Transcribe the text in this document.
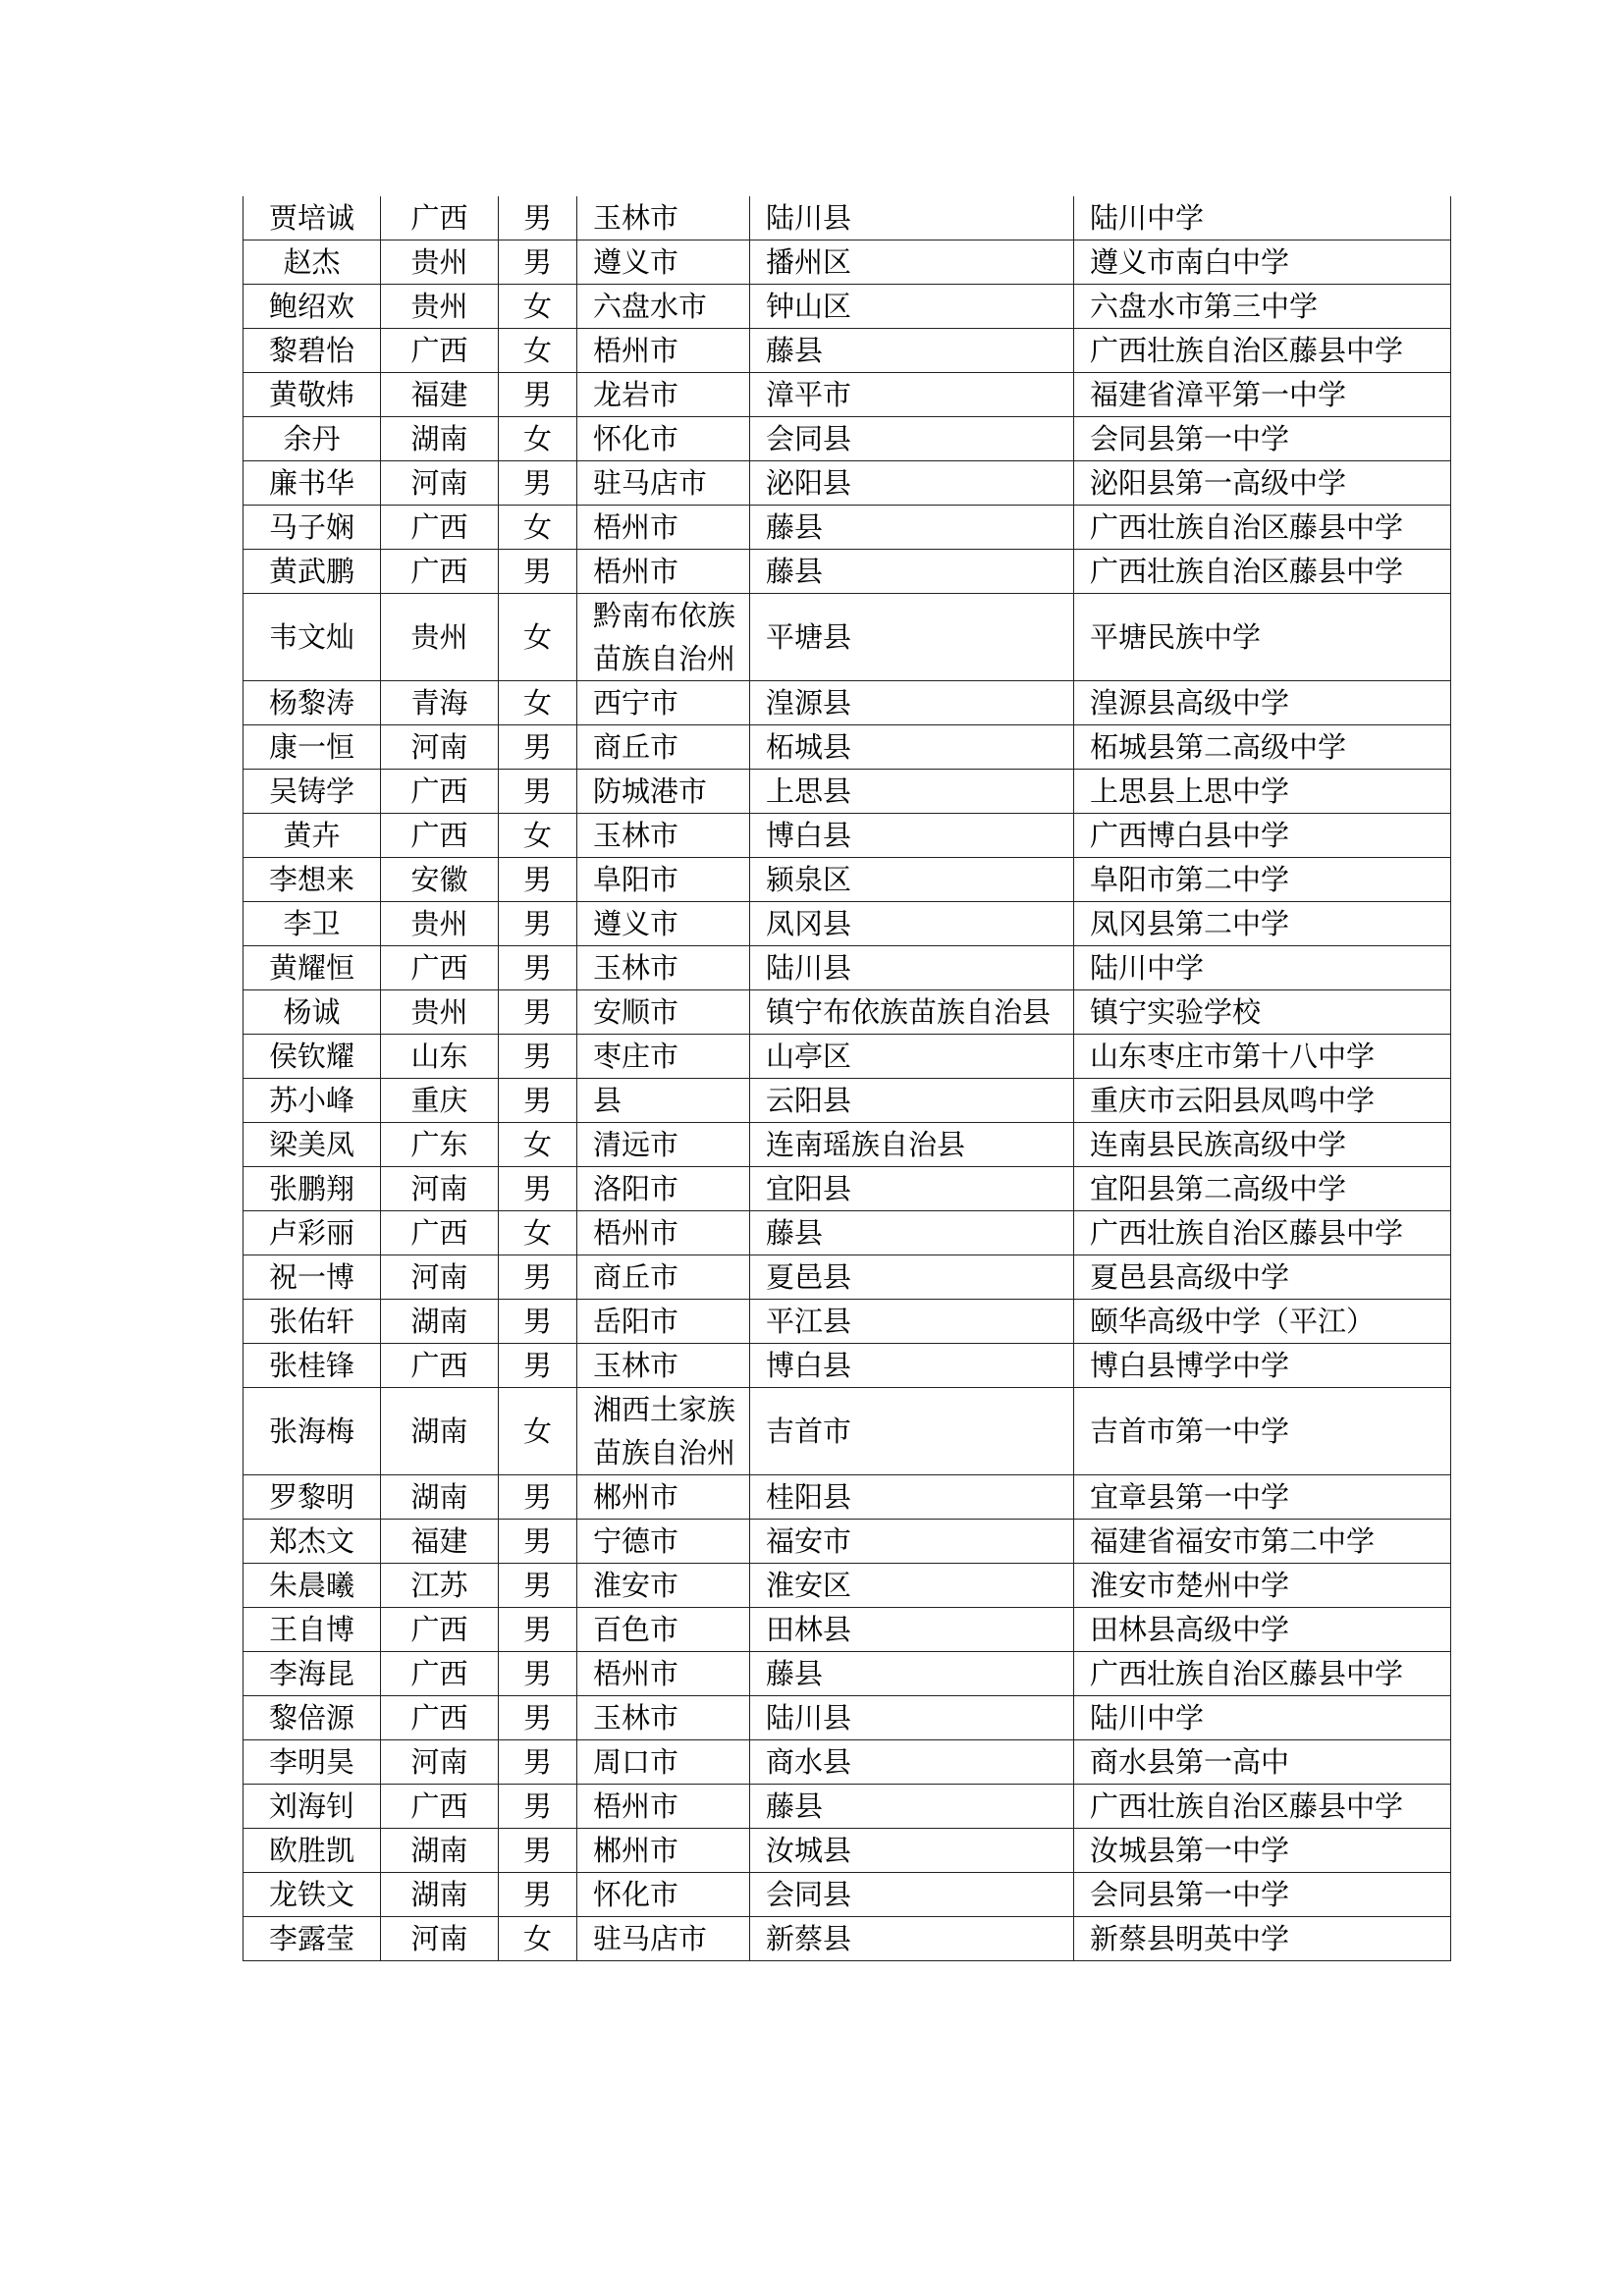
贾培诚	广西	男	玉林市	陆川县	陆川中学
赵杰	贵州	男	遵义市	播州区	遵义市南白中学
鲍绍欢	贵州	女	六盘水市	钟山区	六盘水市第三中学
黎碧怡	广西	女	梧州市	藤县	广西壮族自治区藤县中学
黄敬炜	福建	男	龙岩市	漳平市	福建省漳平第一中学
余丹	湖南	女	怀化市	会同县	会同县第一中学
廉书华	河南	男	驻马店市	泌阳县	泌阳县第一高级中学
马子娴	广西	女	梧州市	藤县	广西壮族自治区藤县中学
黄武鹏	广西	男	梧州市	藤县	广西壮族自治区藤县中学
韦文灿	贵州	女	黔南布依族苗族自治州	平塘县	平塘民族中学
杨黎涛	青海	女	西宁市	湟源县	湟源县高级中学
康一恒	河南	男	商丘市	柘城县	柘城县第二高级中学
吴铸学	广西	男	防城港市	上思县	上思县上思中学
黄卉	广西	女	玉林市	博白县	广西博白县中学
李想来	安徽	男	阜阳市	颍泉区	阜阳市第二中学
李卫	贵州	男	遵义市	凤冈县	凤冈县第二中学
黄耀恒	广西	男	玉林市	陆川县	陆川中学
杨诚	贵州	男	安顺市	镇宁布依族苗族自治县	镇宁实验学校
侯钦耀	山东	男	枣庄市	山亭区	山东枣庄市第十八中学
苏小峰	重庆	男	县	云阳县	重庆市云阳县凤鸣中学
梁美凤	广东	女	清远市	连南瑶族自治县	连南县民族高级中学
张鹏翔	河南	男	洛阳市	宜阳县	宜阳县第二高级中学
卢彩丽	广西	女	梧州市	藤县	广西壮族自治区藤县中学
祝一博	河南	男	商丘市	夏邑县	夏邑县高级中学
张佑轩	湖南	男	岳阳市	平江县	颐华高级中学（平江）
张桂锋	广西	男	玉林市	博白县	博白县博学中学
张海梅	湖南	女	湘西土家族苗族自治州	吉首市	吉首市第一中学
罗黎明	湖南	男	郴州市	桂阳县	宜章县第一中学
郑杰文	福建	男	宁德市	福安市	福建省福安市第二中学
朱晨曦	江苏	男	淮安市	淮安区	淮安市楚州中学
王自博	广西	男	百色市	田林县	田林县高级中学
李海昆	广西	男	梧州市	藤县	广西壮族自治区藤县中学
黎倍源	广西	男	玉林市	陆川县	陆川中学
李明昊	河南	男	周口市	商水县	商水县第一高中
刘海钊	广西	男	梧州市	藤县	广西壮族自治区藤县中学
欧胜凯	湖南	男	郴州市	汝城县	汝城县第一中学
龙铁文	湖南	男	怀化市	会同县	会同县第一中学
李露莹	河南	女	驻马店市	新蔡县	新蔡县明英中学
